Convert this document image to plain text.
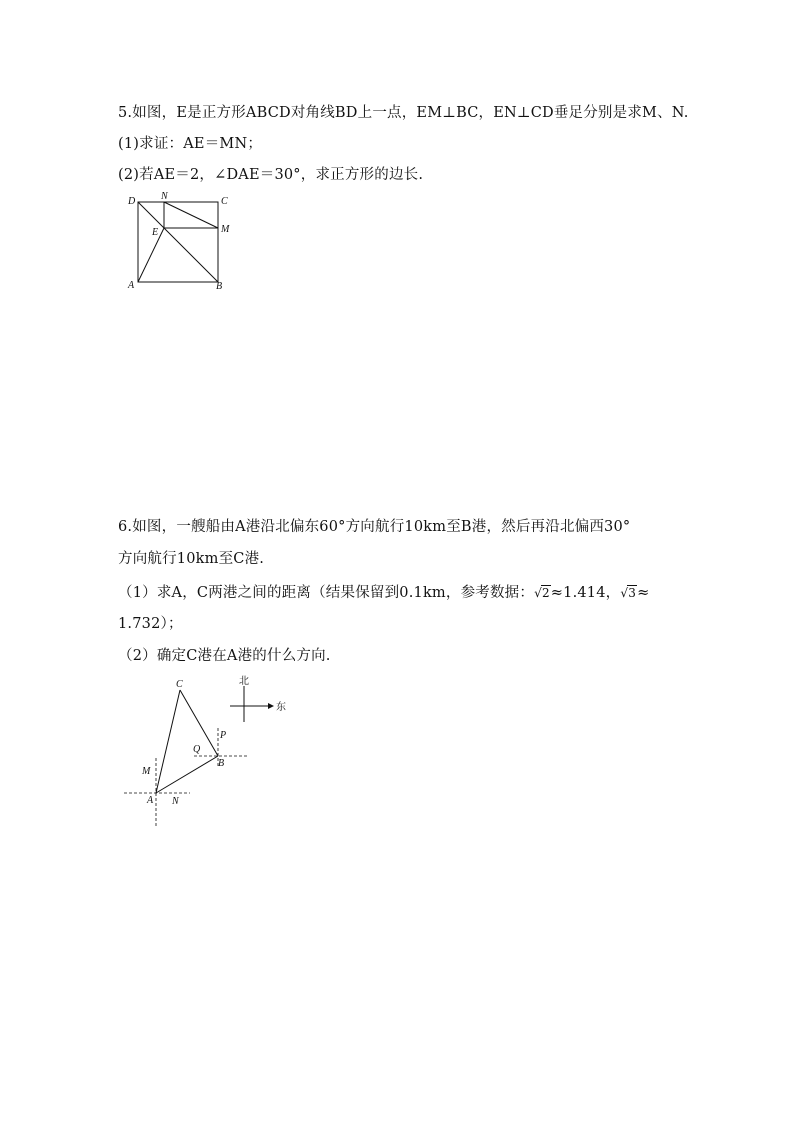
5.如图，E是正方形ABCD对角线BD上一点，EM⊥BC，EN⊥CD垂足分别是求M、N.
(1)求证：AE＝MN；
(2)若AE＝2，∠DAE＝30°，求正方形的边长.
D	N	C
E	M
A	B
6.如图，一艘船由A港沿北偏东60°方向航行10km至B港，然后再沿北偏西30°
方向航行10km至C港.
（1）求A，C两港之间的距离（结果保留到0.1km，参考数据：√2≈1.414，√3≈
1.732）；
（2）确定C港在A港的什么方向.
北
东
C
P
Q
B
M
A N
